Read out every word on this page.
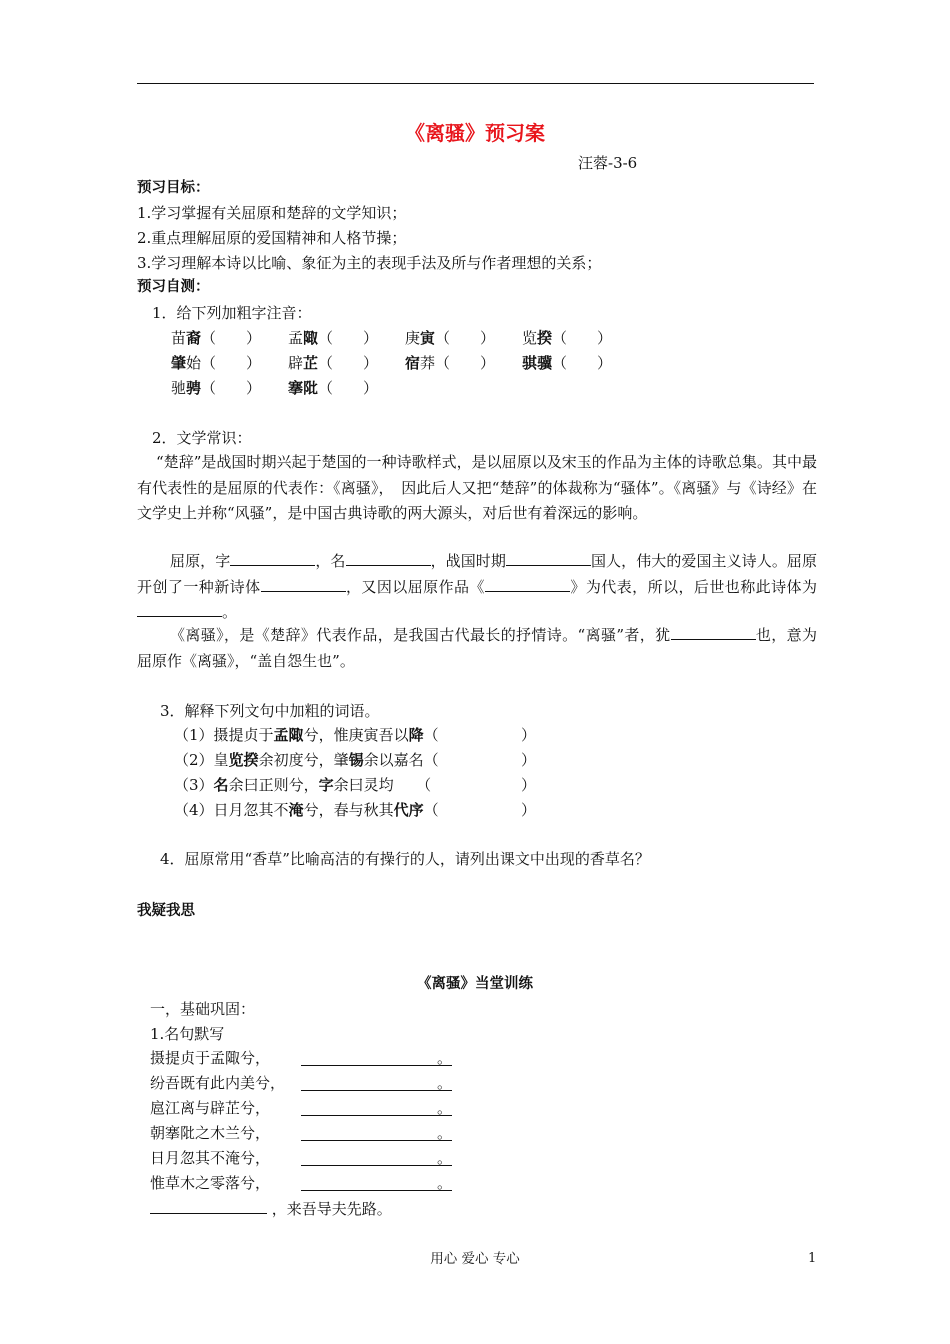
《离骚》预习案
汪蓉-3-6
预习目标：
1.学习掌握有关屈原和楚辞的文学知识；
2.重点理解屈原的爱国精神和人格节操；
3.学习理解本诗以比喻、象征为主的表现手法及所与作者理想的关系；
预习自测：
1．给下列加粗字注音：
苗裔（　　） 孟陬（　　） 庚寅（　　） 览揆（　　）
肇始（　　） 辟芷（　　） 宿莽（　　） 骐骥（　　）
驰骋（　　） 搴阰（　　）
2．文学常识：
“楚辞”是战国时期兴起于楚国的一种诗歌样式，是以屈原以及宋玉的作品为主体的诗歌总集。其中最有代表性的是屈原的代表作：《离骚》，　因此后人又把“楚辞”的体裁称为“骚体”。《离骚》与《诗经》在文学史上并称“风骚”，是中国古典诗歌的两大源头，对后世有着深远的影响。
屈原，字	，名	，战国时期	国人，伟大的爱国主义诗人。屈原开创了一种新诗体	，又因以屈原作品《	》为代表，所以，后世也称此诗体为。
《离骚》，是《楚辞》代表作品，是我国古代最长的抒情诗。“离骚”者，犹	也，意为屈原作《离骚》，“盖自怨生也”。
3．解释下列文句中加粗的词语。
（1）摄提贞于孟陬兮，惟庚寅吾以降（	）
（2）皇览揆余初度兮，肇锡余以嘉名（	）
（3）名余曰正则兮，字余曰灵均　　（	）
（4）日月忽其不淹兮，春与秋其代序（	）
4．屈原常用“香草”比喻高洁的有操行的人，请列出课文中出现的香草名？
我疑我思
《离骚》当堂训练
一，基础巩固：
1.名句默写
摄提贞于孟陬兮，	。
纷吾既有此内美兮，	。
扈江离与辟芷兮，	。
朝搴阰之木兰兮，	。
日月忽其不淹兮，	。
惟草木之零落兮，	。
，来吾导夫先路。
用心 爱心 专心	1
